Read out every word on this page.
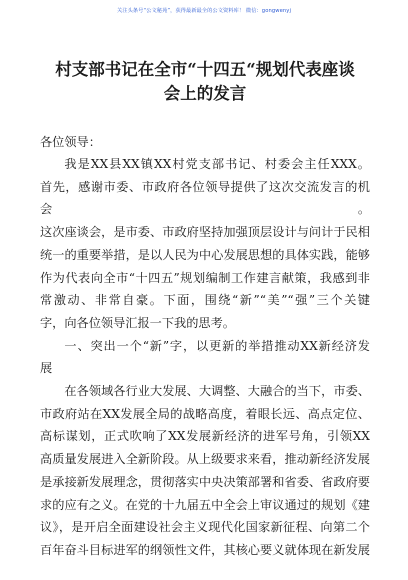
关注头条号“公文秘苑”，获得最新最全的公文资料库！ 微信：gongwenyj
村支部书记在全市“十四五“规划代表座谈
会上的发言
各位领导：

我是XX县XX镇XX村党支部书记、村委会主任XXX。

首先，感谢市委、市政府各位领导提供了这次交流发言的机会。

这次座谈会，是市委、市政府坚持加强顶层设计与问计于民相

统一的重要举措，是以人民为中心发展思想的具体实践，能够

作为代表向全市“十四五”规划编制工作建言献策，我感到非

常激动、非常自豪。下面，围绕“新”“美”“强”三个关键

字，向各位领导汇报一下我的思考。

一、突出一个“新”字，以更新的举措推动XX新经济发

展

在各领域各行业大发展、大调整、大融合的当下，市委、

市政府站在XX发展全局的战略高度，着眼长远、高点定位、

高标谋划，正式吹响了XX发展新经济的进军号角，引领XX

高质量发展进入全新阶段。从上级要求来看，推动新经济发展

是承接新发展理念，贯彻落实中央决策部署和省委、省政府要

求的应有之义。在党的十九届五中全会上审议通过的规划《建

议》，是开启全面建设社会主义现代化国家新征程、向第二个

百年奋斗目标进军的纲领性文件，其核心要义就体现在新发展
